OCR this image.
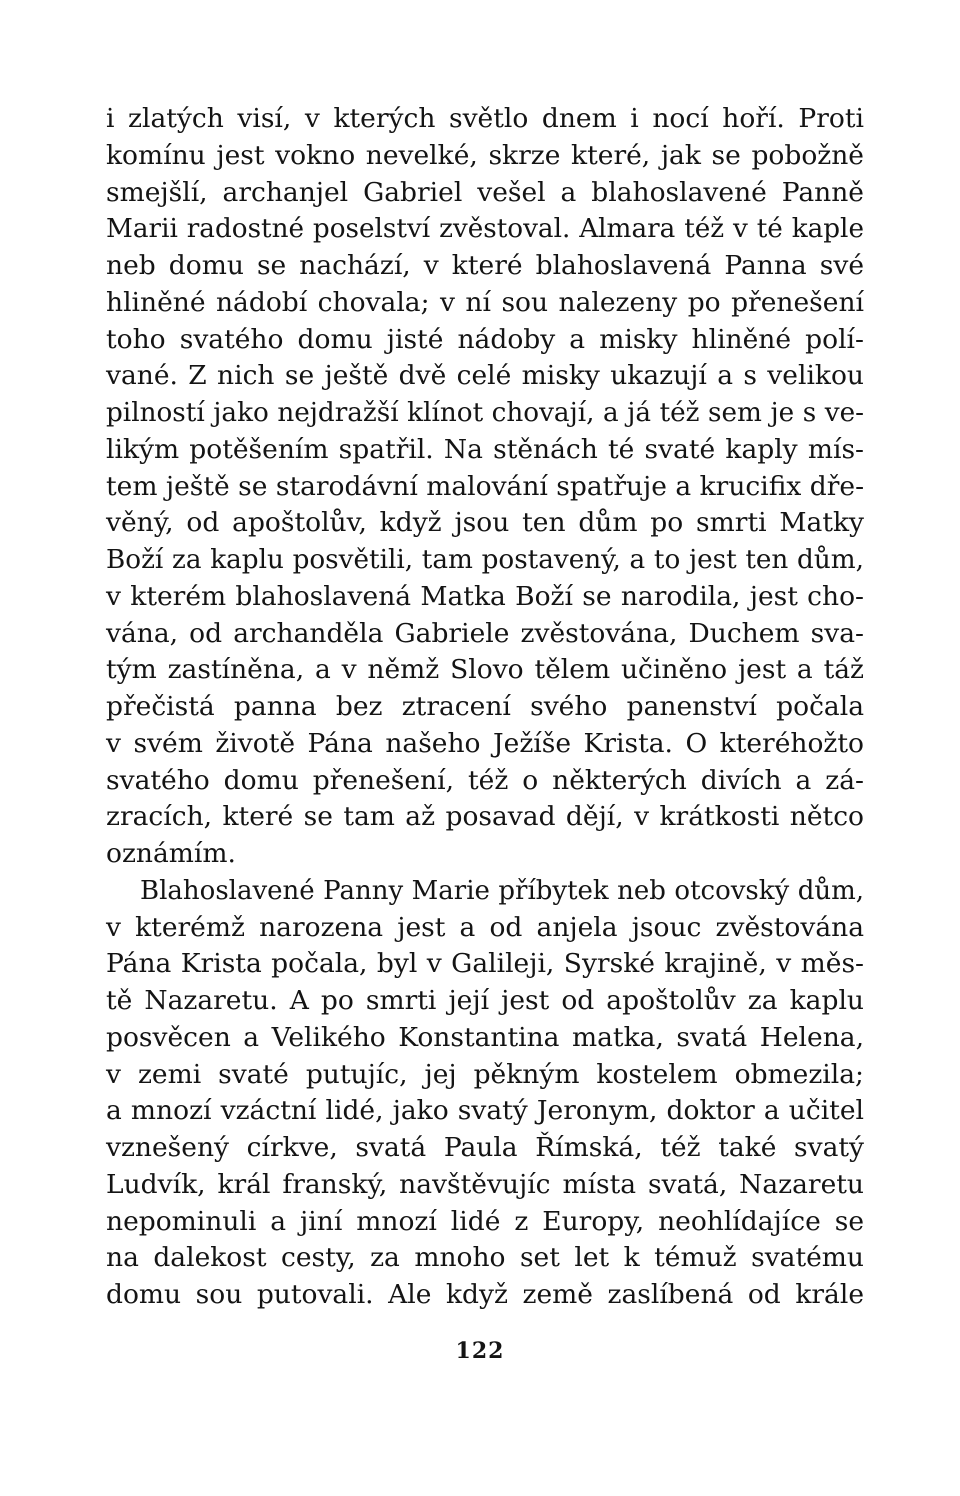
i zlatých visí, v kterých světlo dnem i nocí hoří. Proti
komínu jest vokno nevelké, skrze které, jak se pobožně
smejšlí, archanjel Gabriel vešel a blahoslavené Panně
Marii radostné poselství zvěstoval. Almara též v té kaple
neb domu se nachází, v které blahoslavená Panna své
hliněné nádobí chovala; v ní sou nalezeny po přenešení
toho svatého domu jisté nádoby a misky hliněné polí-
vané. Z nich se ještě dvě celé misky ukazují a s velikou
pilností jako nejdražší klínot chovají, a já též sem je s ve-
likým potěšením spatřil. Na stěnách té svaté kaply mís-
tem ještě se starodávní malování spatřuje a krucifix dře-
věný, od apoštolův, když jsou ten dům po smrti Matky
Boží za kaplu posvětili, tam postavený, a to jest ten dům,
v kterém blahoslavená Matka Boží se narodila, jest cho-
vána, od archanděla Gabriele zvěstována, Duchem sva-
tým zastíněna, a v němž Slovo tělem učiněno jest a táž
přečistá panna bez ztracení svého panenství počala
v svém životě Pána našeho Ježíše Krista. O kteréhožto
svatého domu přenešení, též o některých divích a zá-
zracích, které se tam až posavad dějí, v krátkosti nětco
oznámím.
Blahoslavené Panny Marie příbytek neb otcovský dům,
v kterémž narozena jest a od anjela jsouc zvěstována
Pána Krista počala, byl v Galileji, Syrské krajině, v měs-
tě Nazaretu. A po smrti její jest od apoštolův za kaplu
posvěcen a Velikého Konstantina matka, svatá Helena,
v zemi svaté putujíc, jej pěkným kostelem obmezila;
a mnozí vzáctní lidé, jako svatý Jeronym, doktor a učitel
vznešený církve, svatá Paula Římská, též také svatý
Ludvík, král franský, navštěvujíc místa svatá, Nazaretu
nepominuli a jiní mnozí lidé z Europy, neohlídajíce se
na dalekost cesty, za mnoho set let k témuž svatému
domu sou putovali. Ale když země zaslíbená od krále
122
